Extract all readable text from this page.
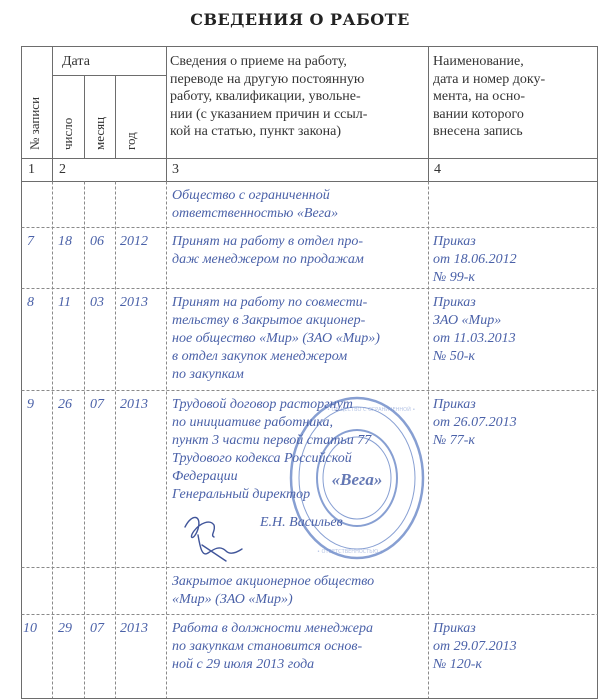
СВЕДЕНИЯ О РАБОТЕ
№ записи
Дата
число месяц год
Сведения о приеме на работу,
переводе на другую постоянную
работу, квалификации, увольне-
нии (с указанием причин и ссыл-
кой на статью, пункт закона)
Наименование,
дата и номер доку-
мента, на осно-
вании которого
внесена запись
1 2	3	4
Общество с ограниченной
ответственностью «Вега»
7 18 06 2012 Принят на работу в отдел про-
даж менеджером по продажам
Приказ
от 18.06.2012
№ 99-к
8 11 03 2013 Принят на работу по совмести-
тельству в Закрытое акционер-
ное общество «Мир» (ЗАО «Мир»)
в отдел закупок менеджером
по закупкам
Приказ
ЗАО «Мир»
от 11.03.2013
№ 50-к
• ОБЩЕСТВО С ОГРАНИЧЕННОЙ •
• ОТВЕТСТВЕННОСТЬЮ •
«Вега»
9 26 07 2013 Трудовой договор расторгнут
по инициативе работника,
пункт 3 части первой статьи 77
Трудового кодекса Российской
Федерации
Генеральный директор
Е.Н. Васильев
Приказ
от 26.07.2013
№ 77-к
Закрытое акционерное общество
«Мир» (ЗАО «Мир»)
10 29 07 2013 Работа в должности менеджера
по закупкам становится основ-
ной с 29 июля 2013 года
Приказ
от 29.07.2013
№ 120-к
